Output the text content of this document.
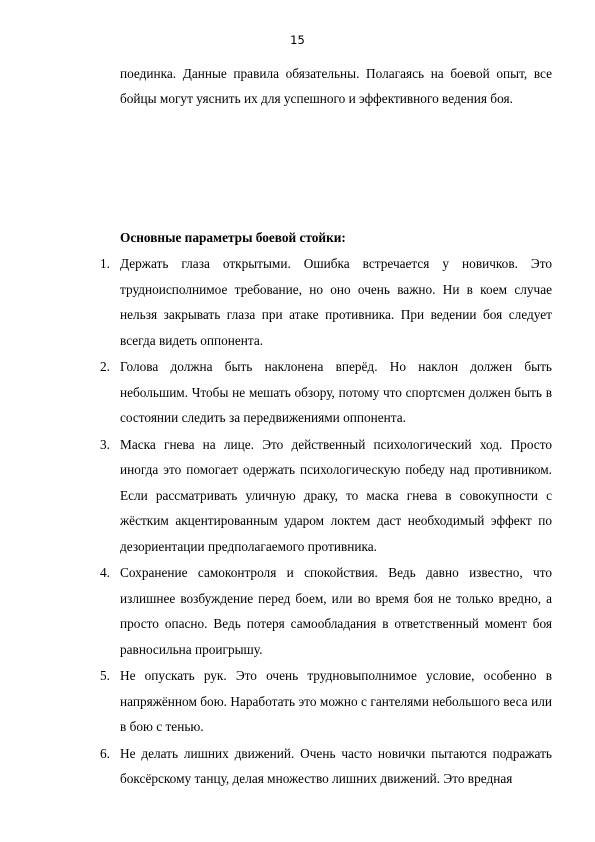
15

поединка. Данные правила обязательны. Полагаясь на боевой опыт, все бойцы могут уяснить их для успешного и эффективного ведения боя.

Основные параметры боевой стойки:

1. Держать глаза открытыми. Ошибка встречается у новичков. Это трудноисполнимое требование, но оно очень важно. Ни в коем случае нельзя закрывать глаза при атаке противника. При ведении боя следует всегда видеть оппонента.
2. Голова должна быть наклонена вперёд. Но наклон должен быть небольшим. Чтобы не мешать обзору, потому что спортсмен должен быть в состоянии следить за передвижениями оппонента.
3. Маска гнева на лице. Это действенный психологический ход. Просто иногда это помогает одержать психологическую победу над противником. Если рассматривать уличную драку, то маска гнева в совокупности с жёстким акцентированным ударом локтем даст необходимый эффект по дезориентации предполагаемого противника.
4. Сохранение самоконтроля и спокойствия. Ведь давно известно, что излишнее возбуждение перед боем, или во время боя не только вредно, а просто опасно. Ведь потеря самообладания в ответственный момент боя равносильна проигрышу.
5. Не опускать рук. Это очень трудновыполнимое условие, особенно в напряжённом бою. Наработать это можно с гантелями небольшого веса или в бою с тенью.
6. Не делать лишних движений. Очень часто новички пытаются подражать боксёрскому танцу, делая множество лишних движений. Это вредная
